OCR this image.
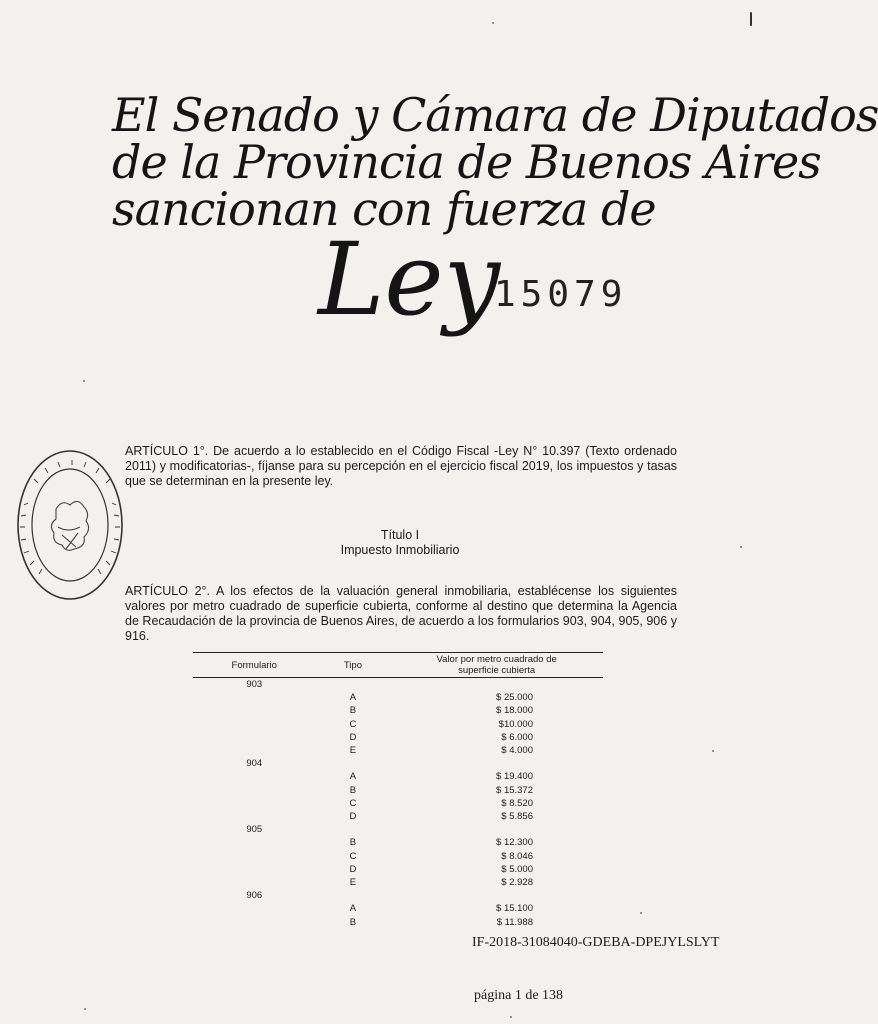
El Senado y Cámara de Diputados
de la Provincia de Buenos Aires
sancionan con fuerza de
Ley
15079

ARTÍCULO 1°. De acuerdo a lo establecido en el Código Fiscal -Ley N° 10.397 (Texto ordenado 2011) y modificatorias-, fíjanse para su percepción en el ejercicio fiscal 2019, los impuestos y tasas que se determinan en la presente ley.

Título I
Impuesto Inmobiliario

ARTÍCULO 2°. A los efectos de la valuación general inmobiliaria, establécense los siguientes valores por metro cuadrado de superficie cubierta, conforme al destino que determina la Agencia de Recaudación de la provincia de Buenos Aires, de acuerdo a los formularios 903, 904, 905, 906 y 916.

Formulario	Tipo	Valor por metro cuadrado de superficie cubierta
903		
	A	$ 25.000
	B	$ 18.000
	C	$10.000
	D	$ 6.000
	E	$ 4.000
904		
	A	$ 19.400
	B	$ 15.372
	C	$ 8.520
	D	$ 5.856
905		
	B	$ 12.300
	C	$ 8.046
	D	$ 5.000
	E	$ 2.928
906		
	A	$ 15.100
	B	$ 11.988
IF-2018-31084040-GDEBA-DPEJYLSLYT
página 1 de 138
